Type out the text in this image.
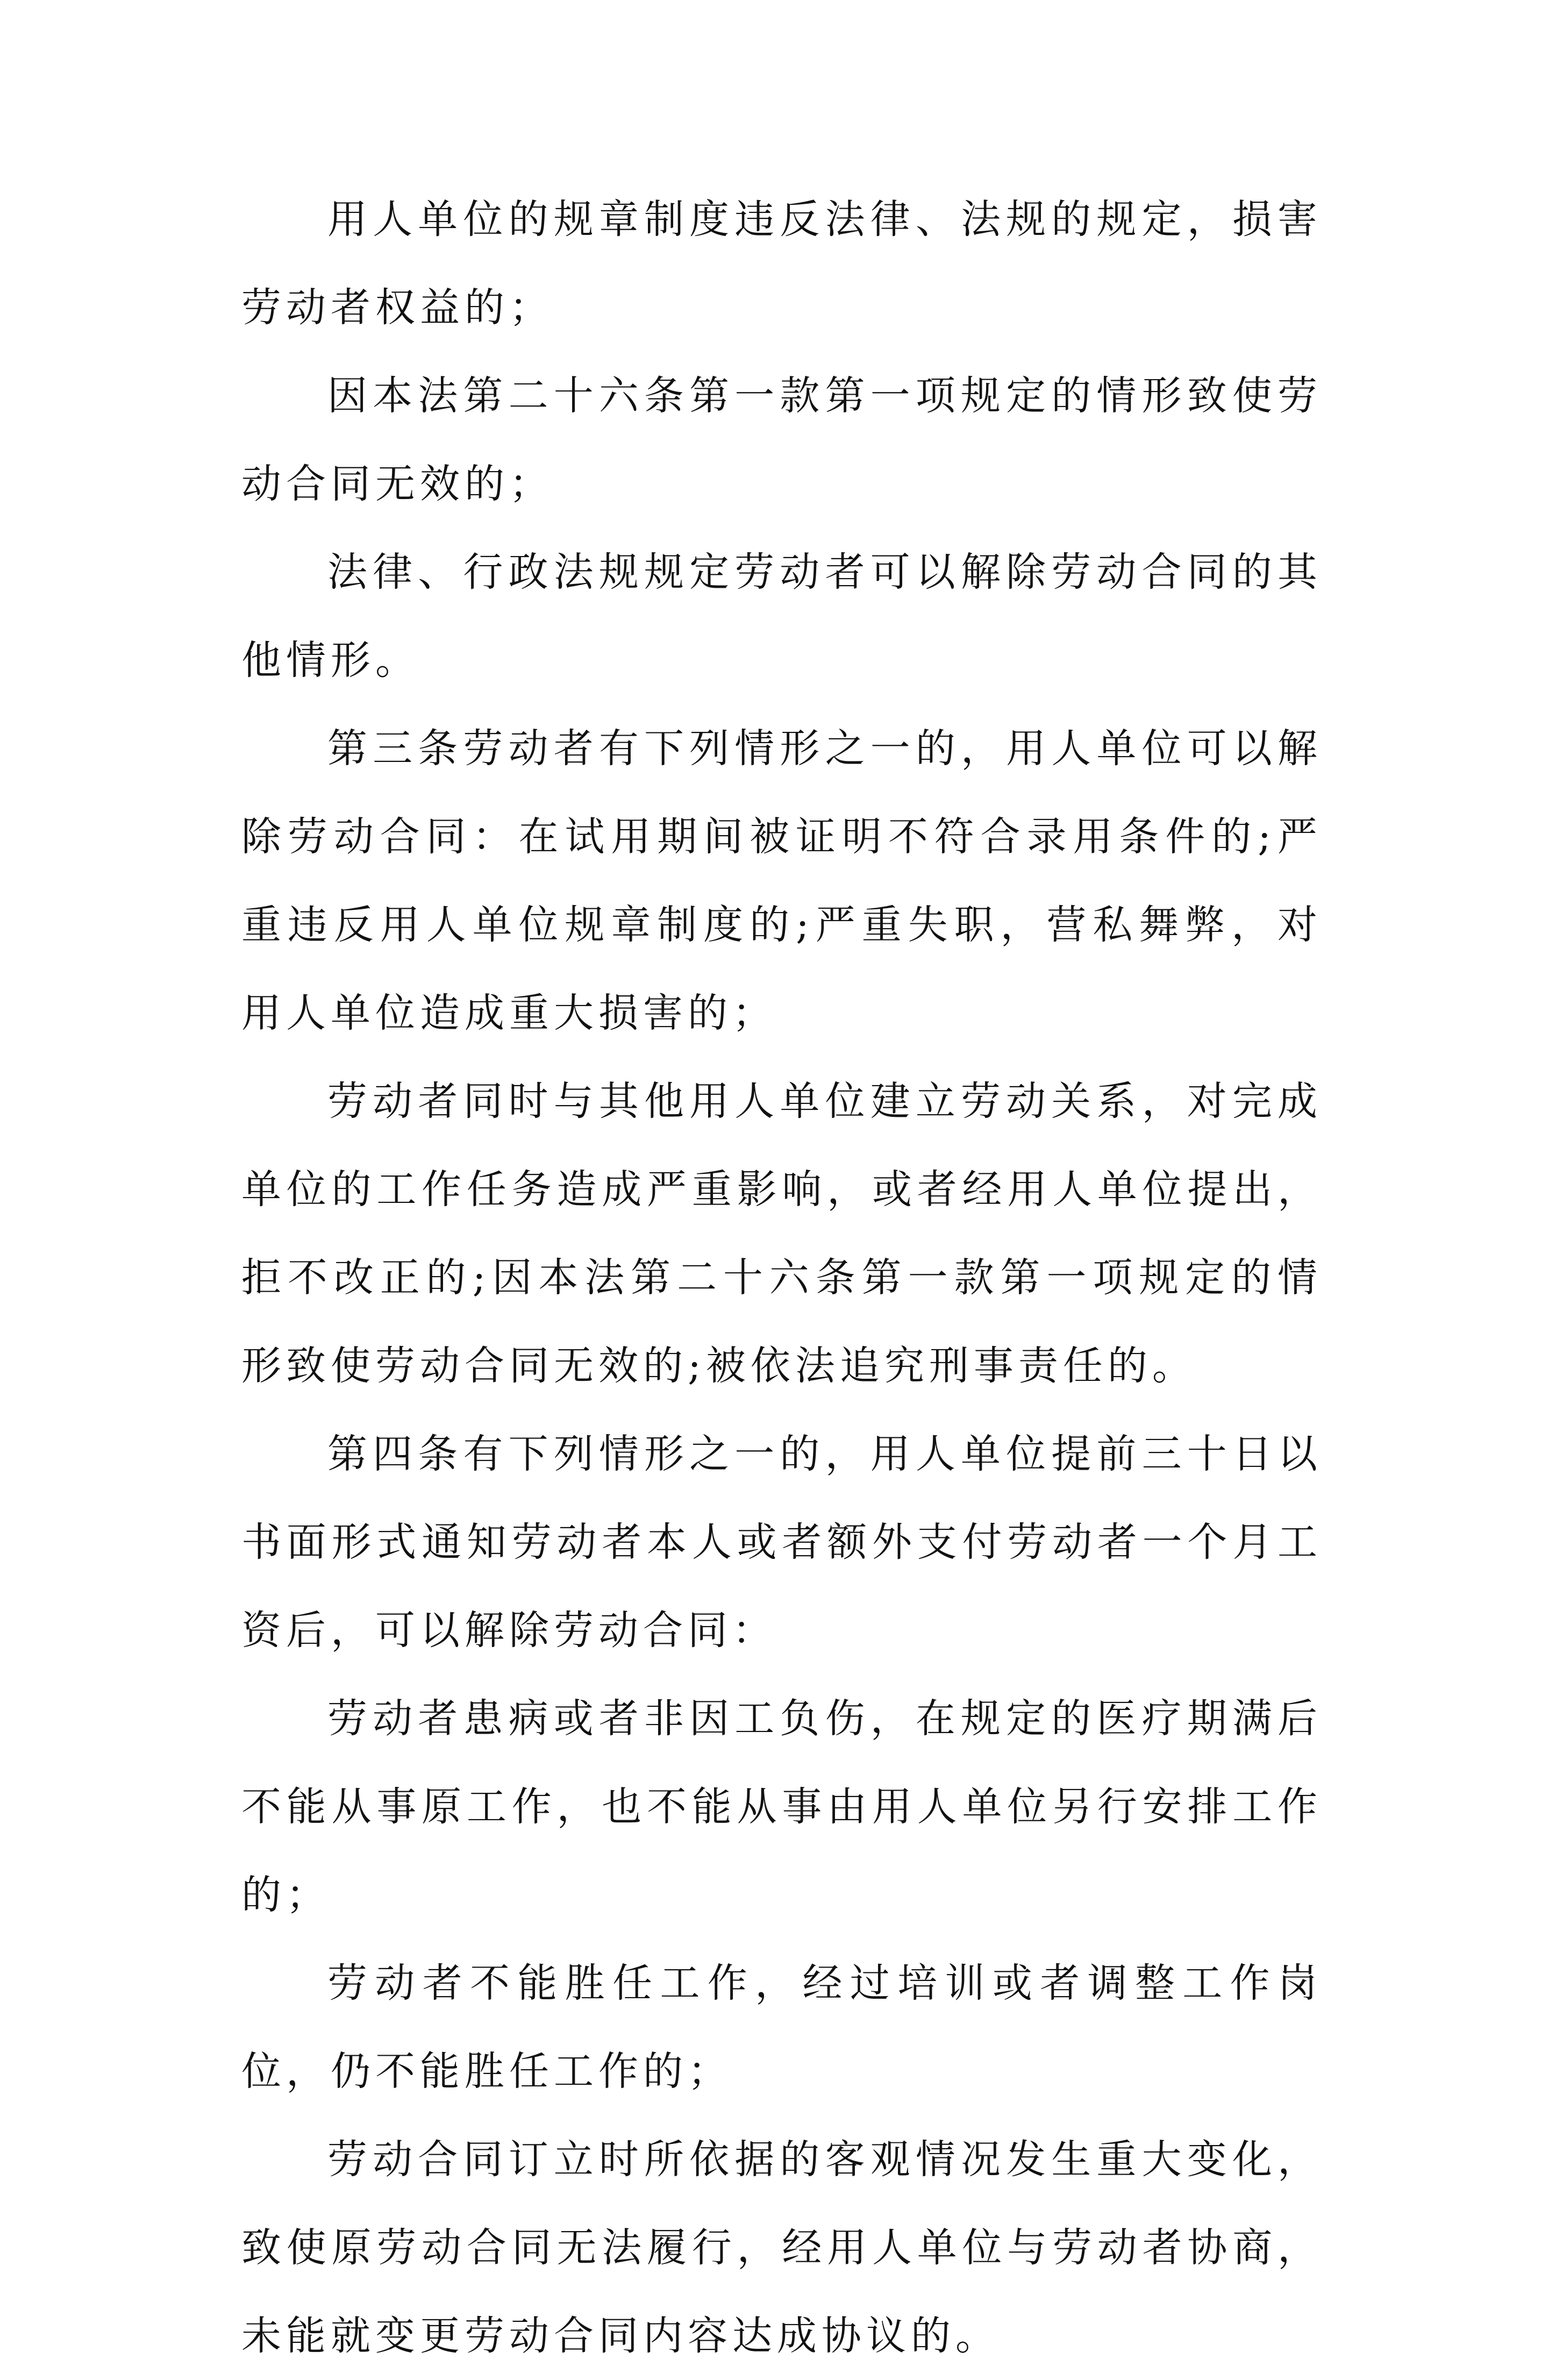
用人单位的规章制度违反法律、法规的规定，损害劳动者权益的；

因本法第二十六条第一款第一项规定的情形致使劳动合同无效的；

法律、行政法规规定劳动者可以解除劳动合同的其他情形。

第三条劳动者有下列情形之一的，用人单位可以解除劳动合同：在试用期间被证明不符合录用条件的;严重违反用人单位规章制度的;严重失职，营私舞弊，对用人单位造成重大损害的；

劳动者同时与其他用人单位建立劳动关系，对完成单位的工作任务造成严重影响，或者经用人单位提出，拒不改正的;因本法第二十六条第一款第一项规定的情形致使劳动合同无效的;被依法追究刑事责任的。

第四条有下列情形之一的，用人单位提前三十日以书面形式通知劳动者本人或者额外支付劳动者一个月工资后，可以解除劳动合同：

劳动者患病或者非因工负伤，在规定的医疗期满后不能从事原工作，也不能从事由用人单位另行安排工作的；

劳动者不能胜任工作，经过培训或者调整工作岗位，仍不能胜任工作的；

劳动合同订立时所依据的客观情况发生重大变化，致使原劳动合同无法履行，经用人单位与劳动者协商，未能就变更劳动合同内容达成协议的。
